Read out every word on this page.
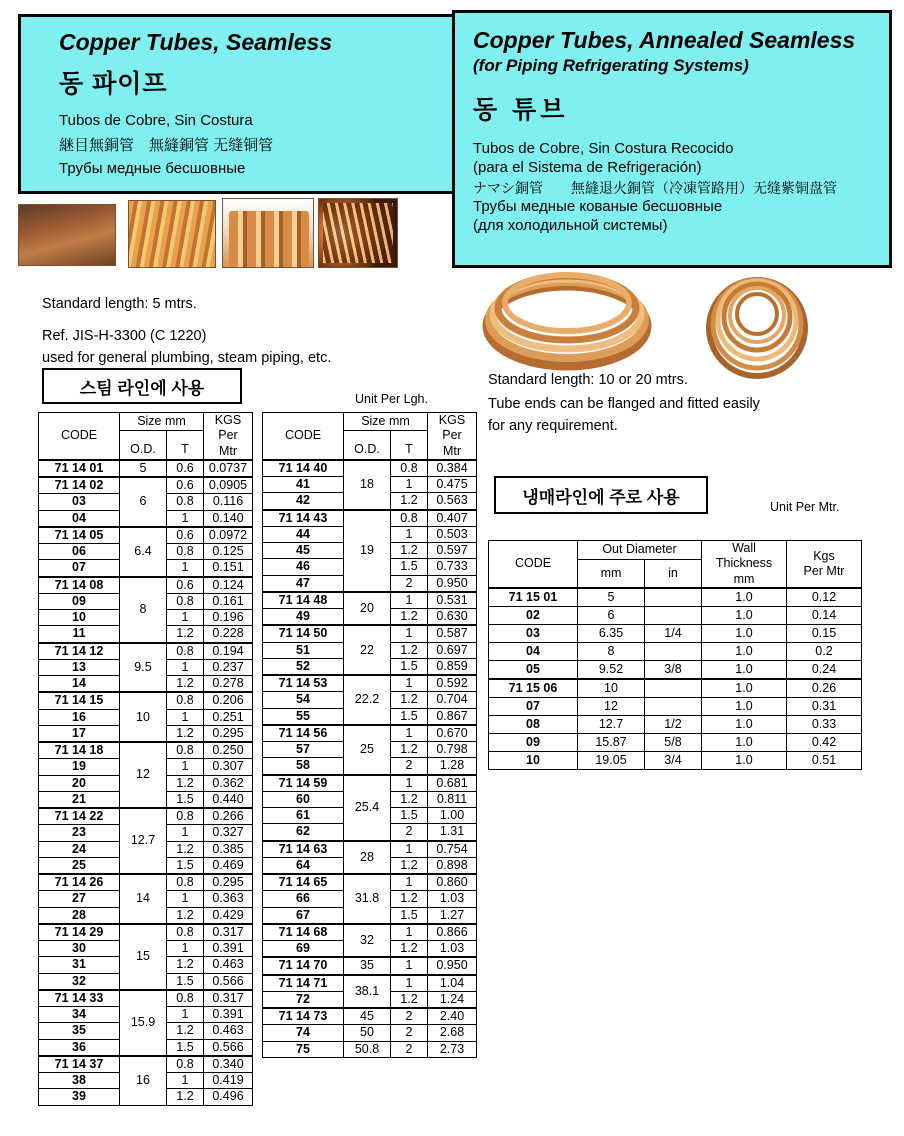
Copper Tubes, Seamless

동 파이프

Tubos de Cobre, Sin Costura

継目無銅管　無縫銅管 无缝铜管

Трубы медные бесшовные

Copper Tubes, Annealed Seamless

(for Piping Refrigerating Systems)

동 튜브

Tubos de Cobre, Sin Costura Recocido

(para el Sistema de Refrigeración)

ナマシ銅管　　無縫退火銅管（冷凍管路用）无缝紫铜盘管

Трубы медные кованые бесшовные

(для холодильной системы)

Standard length: 5 mtrs.
Ref. JIS-H-3300 (C 1220)
used for general plumbing, steam piping, etc.
스팀 라인에 사용
Unit Per Lgh.
Standard length: 10 or 20 mtrs.
Tube ends can be flanged and fitted easily
for any requirement.
냉매라인에 주로 사용
Unit Per Mtr.
CODE	Size mm		KGS
Per
Mtr

	O.D.	T	
71 14 01	5	0.6	0.0737
71 14 02	6	0.6	0.0905
03		0.8	0.116
04		1	0.140
71 14 05	6.4	0.6	0.0972
06		0.8	0.125
07		1	0.151
71 14 08	8	0.6	0.124
09		0.8	0.161
10		1	0.196
11		1.2	0.228
71 14 12	9.5	0.8	0.194
13		1	0.237
14		1.2	0.278
71 14 15	10	0.8	0.206
16		1	0.251
17		1.2	0.295
71 14 18	12	0.8	0.250
19		1	0.307
20		1.2	0.362
21		1.5	0.440
71 14 22	12.7	0.8	0.266
23		1	0.327
24		1.2	0.385
25		1.5	0.469
71 14 26	14	0.8	0.295
27		1	0.363
28		1.2	0.429
71 14 29	15	0.8	0.317
30		1	0.391
31		1.2	0.463
32		1.5	0.566
71 14 33	15.9	0.8	0.317
34		1	0.391
35		1.2	0.463
36		1.5	0.566
71 14 37	16	0.8	0.340
38		1	0.419
39		1.2	0.496
CODE	Size mm		KGS
Per
Mtr

	O.D.	T	
71 14 40	18	0.8	0.384
41		1	0.475
42		1.2	0.563
71 14 43	19	0.8	0.407
44		1	0.503
45		1.2	0.597
46		1.5	0.733
47		2	0.950
71 14 48	20	1	0.531
49		1.2	0.630
71 14 50	22	1	0.587
51		1.2	0.697
52		1.5	0.859
71 14 53	22.2	1	0.592
54		1.2	0.704
55		1.5	0.867
71 14 56	25	1	0.670
57		1.2	0.798
58		2	1.28
71 14 59	25.4	1	0.681
60		1.2	0.811
61		1.5	1.00
62		2	1.31
71 14 63	28	1	0.754
64		1.2	0.898
71 14 65	31.8	1	0.860
66		1.2	1.03
67		1.5	1.27
71 14 68	32	1	0.866
69		1.2	1.03
71 14 70	35	1	0.950
71 14 71	38.1	1	1.04
72		1.2	1.24
71 14 73	45	2	2.40
74	50	2	2.68
75	50.8	2	2.73
CODE	Out Diameter		Wall
Thickness
mm	Kgs
Per Mtr
	mm	in		
71 15 01	5		1.0	0.12
02	6		1.0	0.14
03	6.35	1/4	1.0	0.15
04	8		1.0	0.2
05	9.52	3/8	1.0	0.24
71 15 06	10		1.0	0.26
07	12		1.0	0.31
08	12.7	1/2	1.0	0.33
09	15.87	5/8	1.0	0.42
10	19.05	3/4	1.0	0.51
